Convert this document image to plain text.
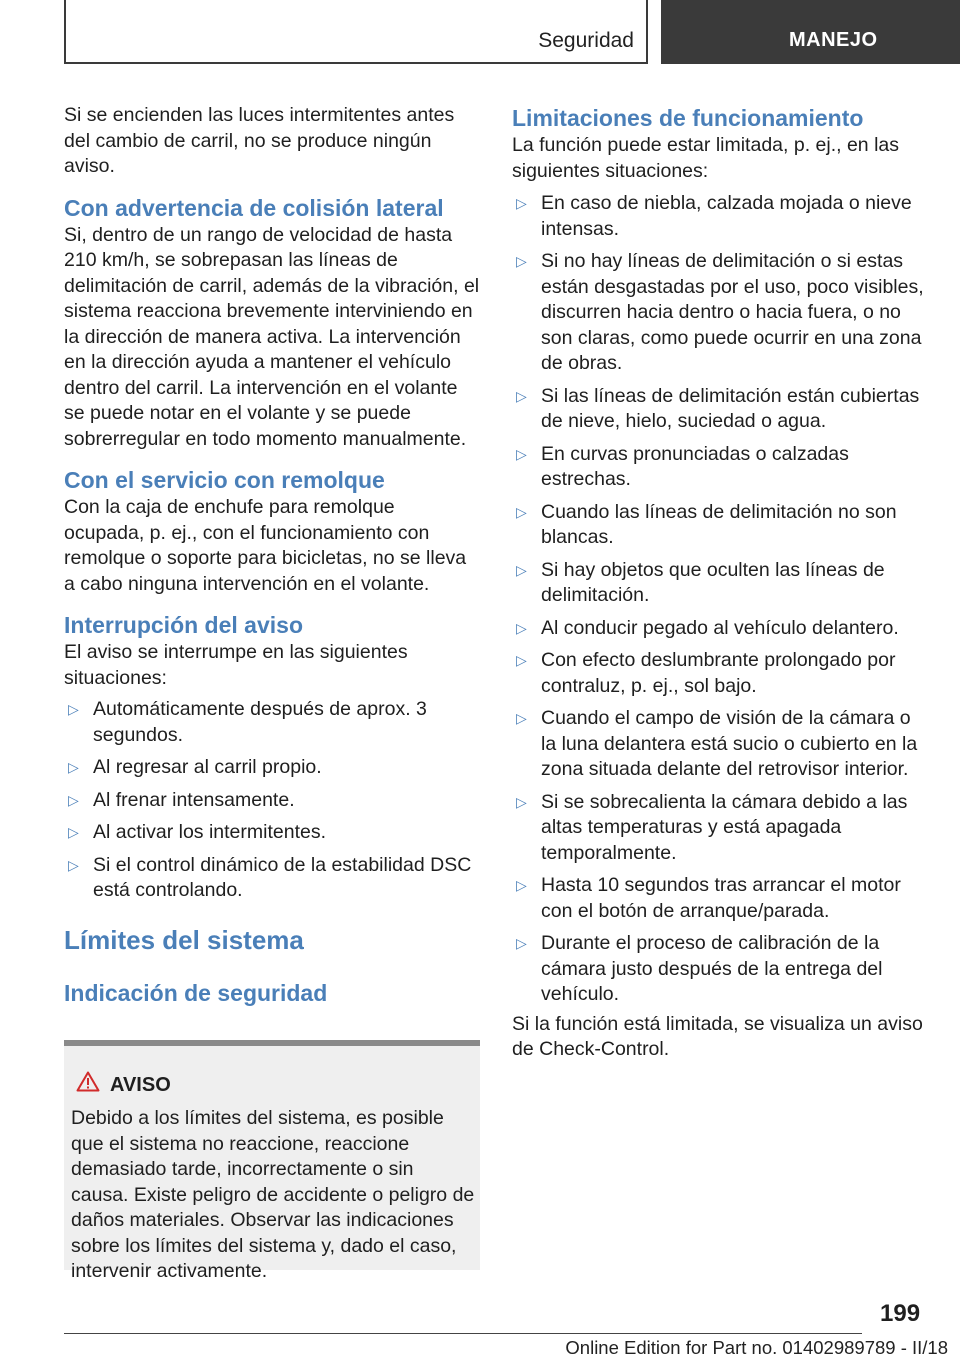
Seguridad	MANEJO

Si se encienden las luces intermitentes antes del cambio de carril, no se produce ningún aviso.

Con advertencia de colisión lateral

Si, dentro de un rango de velocidad de hasta 210 km/h, se sobrepasan las líneas de delimitación de carril, además de la vibración, el sistema reacciona brevemente interviniendo en la dirección de manera activa. La intervención en la dirección ayuda a mantener el vehículo dentro del carril. La intervención en el volante se puede notar en el volante y se puede sobrerregular en todo momento manualmente.

Con el servicio con remolque

Con la caja de enchufe para remolque ocupada, p. ej., con el funcionamiento con remolque o soporte para bicicletas, no se lleva a cabo ninguna intervención en el volante.

Interrupción del aviso

El aviso se interrumpe en las siguientes situaciones:

▷ Automáticamente después de aprox. 3 segundos.
▷ Al regresar al carril propio.
▷ Al frenar intensamente.
▷ Al activar los intermitentes.
▷ Si el control dinámico de la estabilidad DSC está controlando.
Límites del sistema
Indicación de seguridad
AVISO

Debido a los límites del sistema, es posible que el sistema no reaccione, reaccione demasiado tarde, incorrectamente o sin causa. Existe peligro de accidente o peligro de daños materiales. Observar las indicaciones sobre los límites del sistema y, dado el caso, intervenir activamente.

Limitaciones de funcionamiento

La función puede estar limitada, p. ej., en las siguientes situaciones:

▷ En caso de niebla, calzada mojada o nieve intensas.
▷ Si no hay líneas de delimitación o si estas están desgastadas por el uso, poco visibles, discurren hacia dentro o hacia fuera, o no son claras, como puede ocurrir en una zona de obras.
▷ Si las líneas de delimitación están cubiertas de nieve, hielo, suciedad o agua.
▷ En curvas pronunciadas o calzadas estrechas.
▷ Cuando las líneas de delimitación no son blancas.
▷ Si hay objetos que oculten las líneas de delimitación.
▷ Al conducir pegado al vehículo delantero.
▷ Con efecto deslumbrante prolongado por contraluz, p. ej., sol bajo.
▷ Cuando el campo de visión de la cámara o la luna delantera está sucio o cubierto en la zona situada delante del retrovisor interior.
▷ Si se sobrecalienta la cámara debido a las altas temperaturas y está apagada temporalmente.
▷ Hasta 10 segundos tras arrancar el motor con el botón de arranque/parada.
▷ Durante el proceso de calibración de la cámara justo después de la entrega del vehículo.

Si la función está limitada, se visualiza un aviso de Check-Control.

199
Online Edition for Part no. 01402989789 - II/18
